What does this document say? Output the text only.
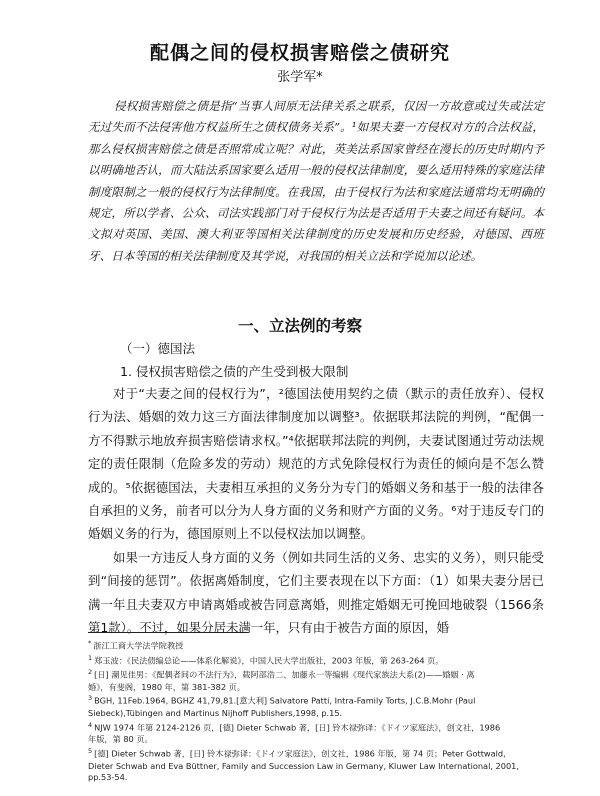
配偶之间的侵权损害赔偿之债研究
张学军*
侵权损害赔偿之债是指“当事人间原无法律关系之联系，仅因一方故意或过失或法定无过失而不法侵害他方权益所生之债权债务关系”。¹如果夫妻一方侵权对方的合法权益，那么侵权损害赔偿之债是否照常成立呢？对此，英美法系国家曾经在漫长的历史时期内予以明确地否认，而大陆法系国家要么适用一般的侵权法律制度，要么适用特殊的家庭法律制度限制之一般的侵权行为法律制度。在我国，由于侵权行为法和家庭法通常均无明确的规定，所以学者、公众、司法实践部门对于侵权行为法是否适用于夫妻之间还有疑问。本文拟对英国、美国、澳大利亚等国相关法律制度的历史发展和历史经验，对德国、西班牙、日本等国的相关法律制度及其学说，对我国的相关立法和学说加以论述。
一、立法例的考察
（一）德国法
1. 侵权损害赔偿之债的产生受到极大限制

对于“夫妻之间的侵权行为”，²德国法使用契约之债（默示的责任放弃）、侵权行为法、婚姻的效力这三方面法律制度加以调整³。依据联邦法院的判例，“配偶一方不得默示地放弃损害赔偿请求权。”⁴依据联邦法院的判例，夫妻试图通过劳动法规定的责任限制（危险多发的劳动）规范的方式免除侵权行为责任的倾向是不怎么赞成的。⁵依据德国法，夫妻相互承担的义务分为专门的婚姻义务和基于一般的法律各自承担的义务，前者可以分为人身方面的义务和财产方面的义务。⁶对于违反专门的婚姻义务的行为，德国原则上不以侵权法加以调整。

如果一方违反人身方面的义务（例如共同生活的义务、忠实的义务），则只能受到“间接的惩罚”。依据离婚制度，它们主要表现在以下方面：（1）如果夫妻分居已满一年且夫妻双方申请离婚或被告同意离婚，则推定婚姻无可挽回地破裂（1566条第1款）。不过，如果分居未满一年，只有由于被告方面的原因，婚

* 浙江工商大学法学院教授

$^1$ 郑玉波：《民法债编总论——体系化解说》，中国人民大学出版社，2003 年版，第 263-264 页。

$^2$ [日] 潮见佳男：《配偶者间の不法行为》，载阿部浩二、加藤永一等编辑《现代家族法大系(2)——婚姻 · 离

婚》，有斐阁，1980 年，第 381-382 页。

$^3$ BGH, 11Feb.1964, BGHZ 41,79,81.[意大利] Salvatore Patti, Intra-Family Torts, J.C.B.Mohr (Paul

Siebeck),Tübingen and Martinus Nijhoff Publishers,1998, p.15.

$^4$ NJW 1974 年第 2124-2126 页，[德] Dieter Schwab 著，[日] 铃木禄弥译：《ドイツ家庭法》，创文社，1986

年版，第 80 页。

$^5$ [德] Dieter Schwab 著，[日] 铃木禄弥译：《ドイツ家庭法》，创文社，1986 年版，第 74 页；Peter Gottwald,

Dieter Schwab and Eva Büttner, Family and Succession Law in Germany, Kluwer Law International, 2001,

pp.53-54.
